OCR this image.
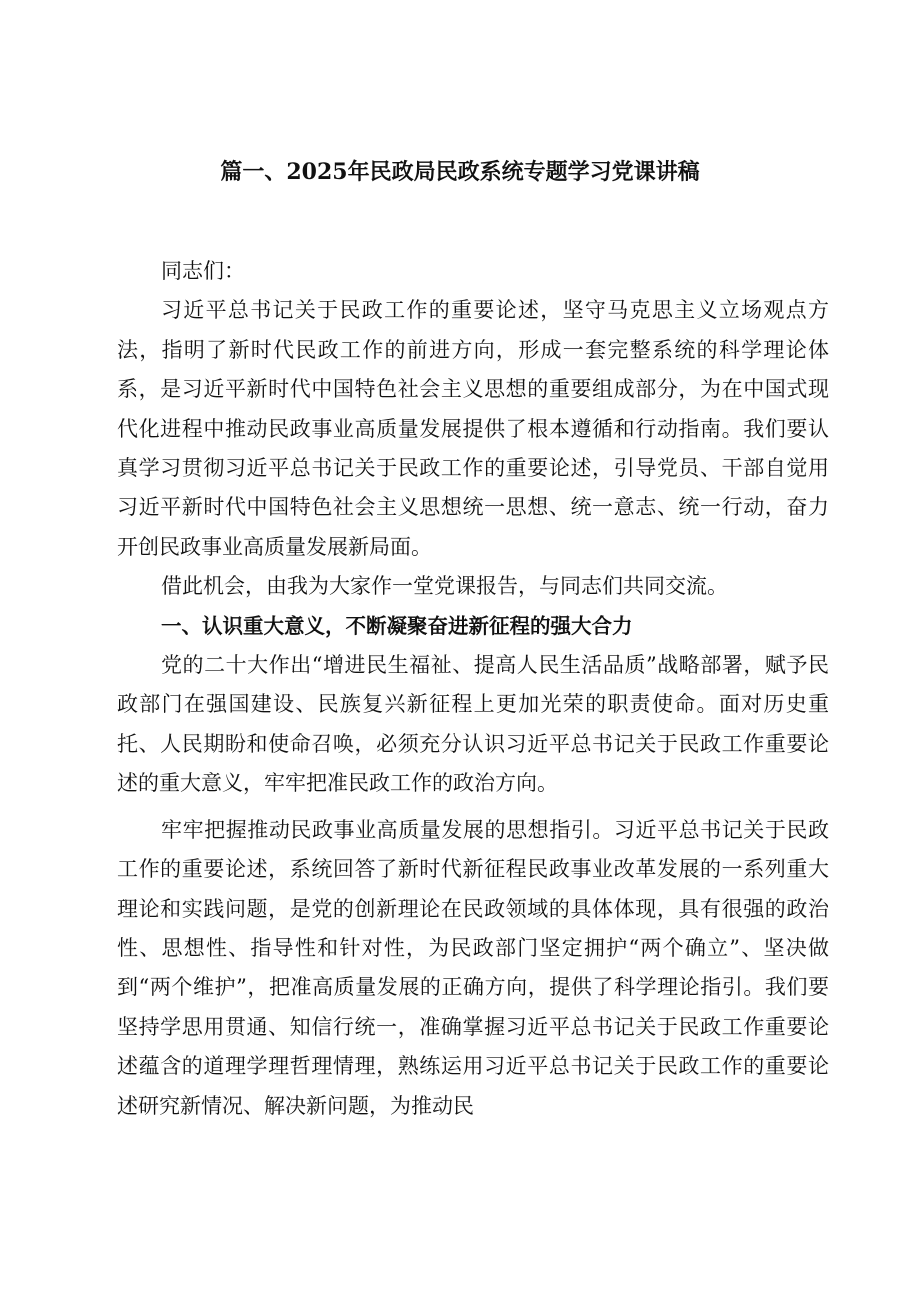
篇一、2025年民政局民政系统专题学习党课讲稿

同志们：

习近平总书记关于民政工作的重要论述，坚守马克思主义立场观点方法，指明了新时代民政工作的前进方向，形成一套完整系统的科学理论体系，是习近平新时代中国特色社会主义思想的重要组成部分，为在中国式现代化进程中推动民政事业高质量发展提供了根本遵循和行动指南。我们要认真学习贯彻习近平总书记关于民政工作的重要论述，引导党员、干部自觉用习近平新时代中国特色社会主义思想统一思想、统一意志、统一行动，奋力开创民政事业高质量发展新局面。

借此机会，由我为大家作一堂党课报告，与同志们共同交流。

一、认识重大意义，不断凝聚奋进新征程的强大合力

党的二十大作出“增进民生福祉、提高人民生活品质”战略部署，赋予民政部门在强国建设、民族复兴新征程上更加光荣的职责使命。面对历史重托、人民期盼和使命召唤，必须充分认识习近平总书记关于民政工作重要论述的重大意义，牢牢把准民政工作的政治方向。

牢牢把握推动民政事业高质量发展的思想指引。习近平总书记关于民政工作的重要论述，系统回答了新时代新征程民政事业改革发展的一系列重大理论和实践问题，是党的创新理论在民政领域的具体体现，具有很强的政治性、思想性、指导性和针对性，为民政部门坚定拥护“两个确立”、坚决做到“两个维护”，把准高质量发展的正确方向，提供了科学理论指引。我们要坚持学思用贯通、知信行统一，准确掌握习近平总书记关于民政工作重要论述蕴含的道理学理哲理情理，熟练运用习近平总书记关于民政工作的重要论述研究新情况、解决新问题，为推动民
